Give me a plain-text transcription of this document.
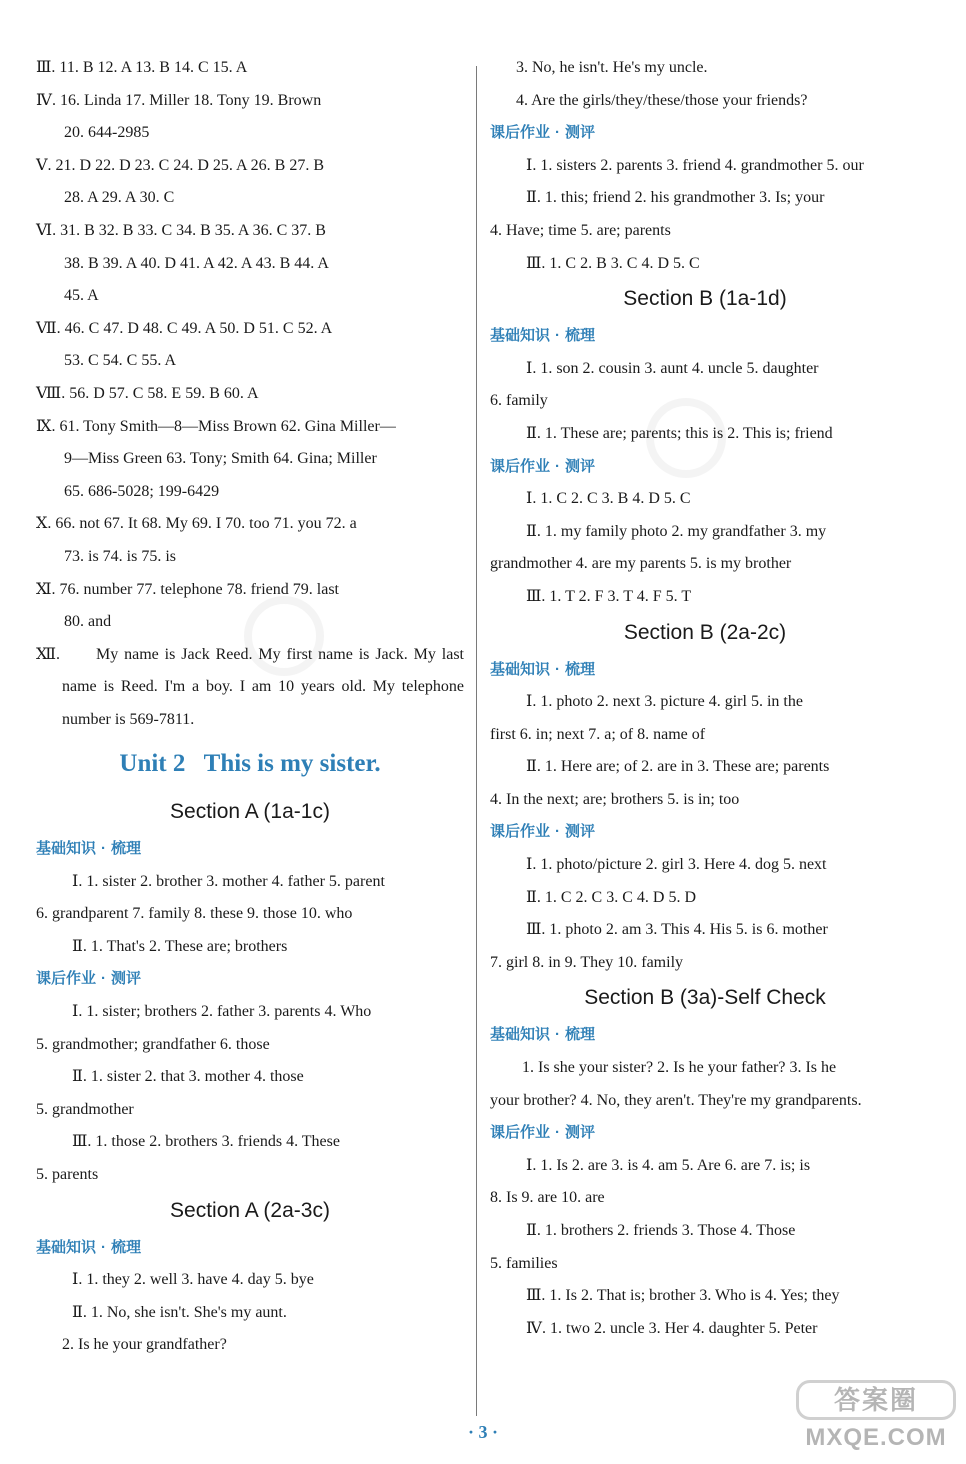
Ⅲ. 11. B 12. A 13. B 14. C 15. A
Ⅳ. 16. Linda 17. Miller 18. Tony 19. Brown
20. 644-2985
Ⅴ. 21. D 22. D 23. C 24. D 25. A 26. B 27. B
28. A 29. A 30. C
Ⅵ. 31. B 32. B 33. C 34. B 35. A 36. C 37. B
38. B 39. A 40. D 41. A 42. A 43. B 44. A
45. A
Ⅶ. 46. C 47. D 48. C 49. A 50. D 51. C 52. A
53. C 54. C 55. A
Ⅷ. 56. D 57. C 58. E 59. B 60. A
Ⅸ. 61. Tony Smith—8—Miss Brown 62. Gina Miller—
9—Miss Green 63. Tony; Smith 64. Gina; Miller
65. 686-5028; 199-6429
Ⅹ. 66. not 67. It 68. My 69. I 70. too 71. you 72. a
73. is 74. is 75. is
Ⅺ. 76. number 77. telephone 78. friend 79. last
80. and
Ⅻ.	My name is Jack Reed. My first name is Jack. My last name is Reed. I'm a boy. I am 10 years old. My telephone number is 569-7811.
Unit 2   This is my sister.
Section A (1a-1c)
基础知识 · 梳理
Ⅰ. 1. sister 2. brother 3. mother 4. father 5. parent
6. grandparent 7. family 8. these 9. those 10. who
Ⅱ. 1. That's 2. These are; brothers
课后作业 · 测评
Ⅰ. 1. sister; brothers 2. father 3. parents 4. Who
5. grandmother; grandfather 6. those
Ⅱ. 1. sister 2. that 3. mother 4. those
5. grandmother
Ⅲ. 1. those 2. brothers 3. friends 4. These
5. parents
Section A (2a-3c)
基础知识 · 梳理
Ⅰ. 1. they 2. well 3. have 4. day 5. bye
Ⅱ. 1. No, she isn't. She's my aunt.
2. Is he your grandfather?
3. No, he isn't. He's my uncle.
4. Are the girls/they/these/those your friends?
课后作业 · 测评
Ⅰ. 1. sisters 2. parents 3. friend 4. grandmother 5. our
Ⅱ. 1. this; friend 2. his grandmother 3. Is; your
4. Have; time 5. are; parents
Ⅲ. 1. C 2. B 3. C 4. D 5. C
Section B (1a-1d)
基础知识 · 梳理
Ⅰ. 1. son 2. cousin 3. aunt 4. uncle 5. daughter
6. family
Ⅱ. 1. These are; parents; this is 2. This is; friend
课后作业 · 测评
Ⅰ. 1. C 2. C 3. B 4. D 5. C
Ⅱ. 1. my family photo 2. my grandfather 3. my
grandmother 4. are my parents 5. is my brother
Ⅲ. 1. T 2. F 3. T 4. F 5. T
Section B (2a-2c)
基础知识 · 梳理
Ⅰ. 1. photo 2. next 3. picture 4. girl 5. in the
first 6. in; next 7. a; of 8. name of
Ⅱ. 1. Here are; of 2. are in 3. These are; parents
4. In the next; are; brothers 5. is in; too
课后作业 · 测评
Ⅰ. 1. photo/picture 2. girl 3. Here 4. dog 5. next
Ⅱ. 1. C 2. C 3. C 4. D 5. D
Ⅲ. 1. photo 2. am 3. This 4. His 5. is 6. mother
7. girl 8. in 9. They 10. family
Section B (3a)-Self Check
基础知识 · 梳理
1. Is she your sister? 2. Is he your father? 3. Is he
your brother? 4. No, they aren't. They're my grandparents.
课后作业 · 测评
Ⅰ. 1. Is 2. are 3. is 4. am 5. Are 6. are 7. is; is
8. Is 9. are 10. are
Ⅱ. 1. brothers 2. friends 3. Those 4. Those
5. families
Ⅲ. 1. Is 2. That is; brother 3. Who is 4. Yes; they
Ⅳ. 1. two 2. uncle 3. Her 4. daughter 5. Peter
· 3 ·
答案圈
MXQE.COM
